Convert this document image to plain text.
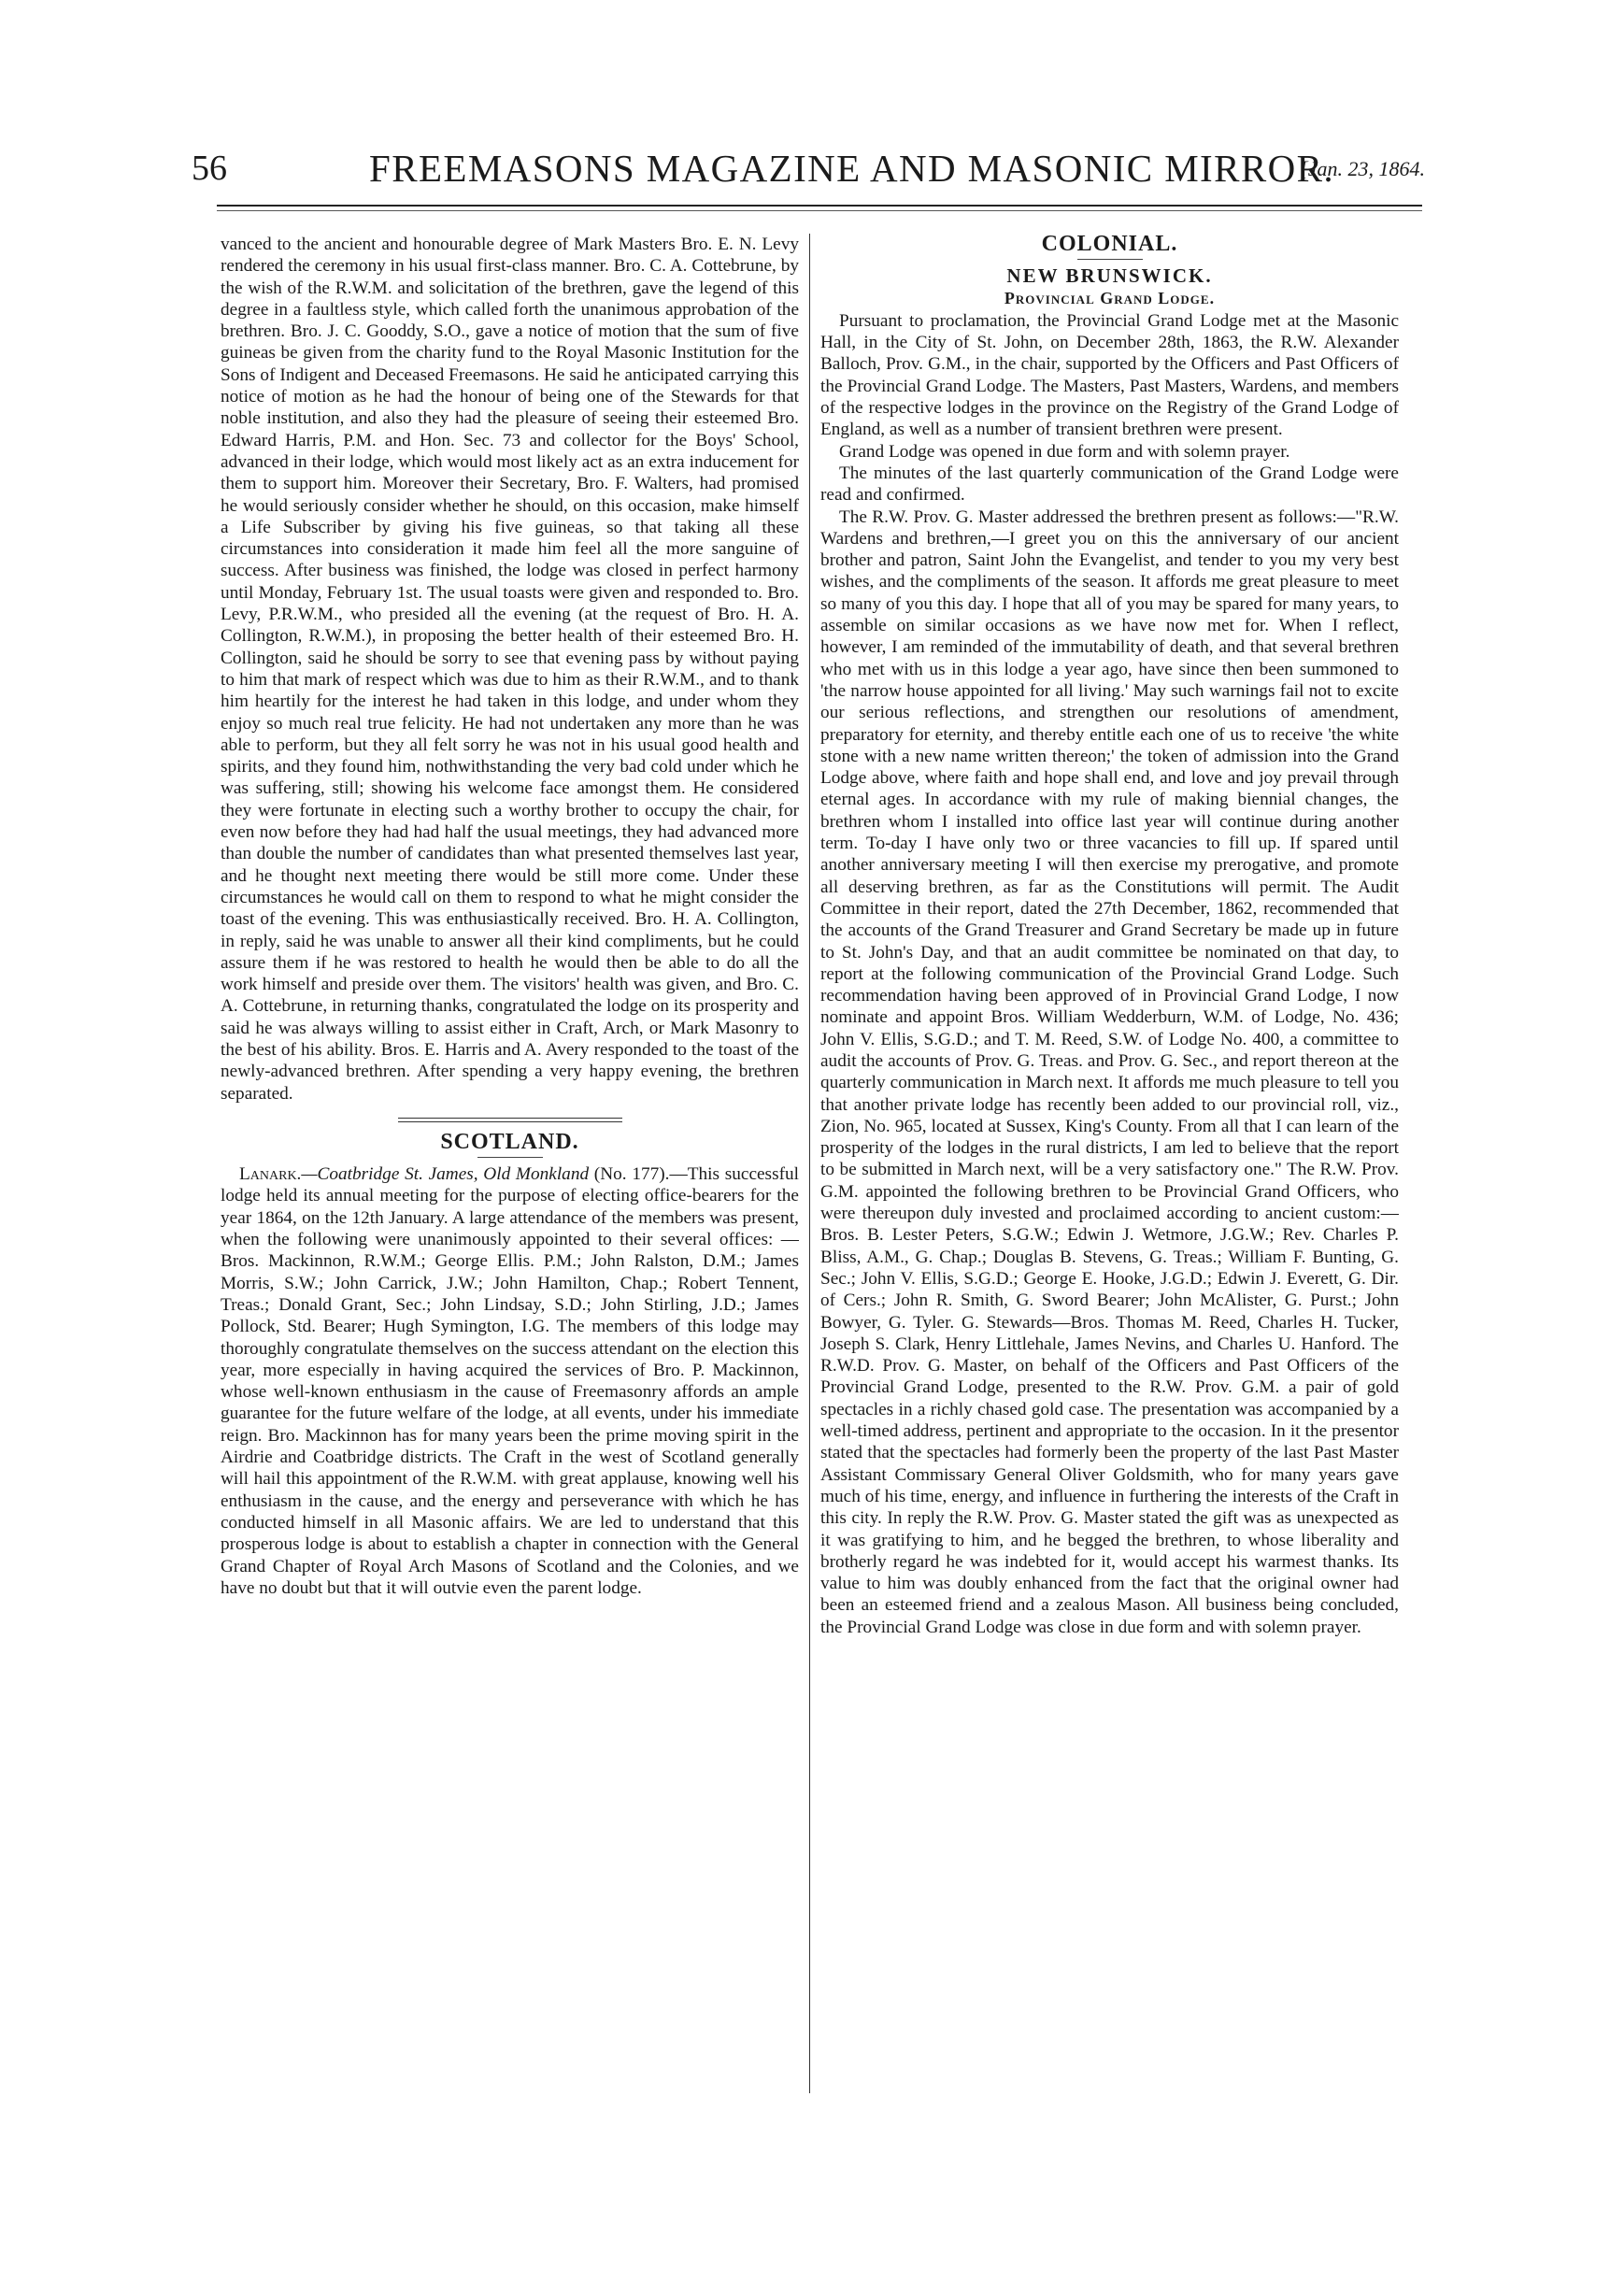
56	FREEMASONS MAGAZINE AND MASONIC MIRROR.
[Jan. 23, 1864.

vanced to the ancient and honourable degree of Mark Masters Bro. E. N. Levy rendered the ceremony in his usual first-class manner. Bro. C. A. Cottebrune, by the wish of the R.W.M. and solicitation of the brethren, gave the legend of this degree in a faultless style, which called forth the unanimous approbation of the brethren. Bro. J. C. Gooddy, S.O., gave a notice of motion that the sum of five guineas be given from the charity fund to the Royal Masonic Institution for the Sons of Indigent and Deceased Freemasons. He said he anticipated carrying this notice of motion as he had the honour of being one of the Stewards for that noble institution, and also they had the pleasure of seeing their esteemed Bro. Edward Harris, P.M. and Hon. Sec. 73 and collector for the Boys' School, advanced in their lodge, which would most likely act as an extra inducement for them to support him. Moreover their Secretary, Bro. F. Walters, had promised he would seriously consider whether he should, on this occasion, make himself a Life Subscriber by giving his five guineas, so that taking all these circumstances into consideration it made him feel all the more sanguine of success. After business was finished, the lodge was closed in perfect harmony until Monday, February 1st. The usual toasts were given and responded to. Bro. Levy, P.R.W.M., who presided all the evening (at the request of Bro. H. A. Collington, R.W.M.), in proposing the better health of their esteemed Bro. H. Collington, said he should be sorry to see that evening pass by without paying to him that mark of respect which was due to him as their R.W.M., and to thank him heartily for the interest he had taken in this lodge, and under whom they enjoy so much real true felicity. He had not undertaken any more than he was able to perform, but they all felt sorry he was not in his usual good health and spirits, and they found him, nothwithstanding the very bad cold under which he was suffering, still; showing his welcome face amongst them. He considered they were fortunate in electing such a worthy brother to occupy the chair, for even now before they had had half the usual meetings, they had advanced more than double the number of candidates than what presented themselves last year, and he thought next meeting there would be still more come. Under these circumstances he would call on them to respond to what he might consider the toast of the evening. This was enthusiastically received. Bro. H. A. Collington, in reply, said he was unable to answer all their kind compliments, but he could assure them if he was restored to health he would then be able to do all the work himself and preside over them. The visitors' health was given, and Bro. C. A. Cottebrune, in returning thanks, congratulated the lodge on its prosperity and said he was always willing to assist either in Craft, Arch, or Mark Masonry to the best of his ability. Bros. E. Harris and A. Avery responded to the toast of the newly-advanced brethren. After spending a very happy evening, the brethren separated.

SCOTLAND.

Lanark.—Coatbridge St. James, Old Monkland (No. 177).—This successful lodge held its annual meeting for the purpose of electing office-bearers for the year 1864, on the 12th January. A large attendance of the members was present, when the following were unanimously appointed to their several offices: —Bros. Mackinnon, R.W.M.; George Ellis. P.M.; John Ralston, D.M.; James Morris, S.W.; John Carrick, J.W.; John Hamilton, Chap.; Robert Tennent, Treas.; Donald Grant, Sec.; John Lindsay, S.D.; John Stirling, J.D.; James Pollock, Std. Bearer; Hugh Symington, I.G. The members of this lodge may thoroughly congratulate themselves on the success attendant on the election this year, more especially in having acquired the services of Bro. P. Mackinnon, whose well-known enthusiasm in the cause of Freemasonry affords an ample guarantee for the future welfare of the lodge, at all events, under his immediate reign. Bro. Mackinnon has for many years been the prime moving spirit in the Airdrie and Coatbridge districts. The Craft in the west of Scotland generally will hail this appointment of the R.W.M. with great applause, knowing well his enthusiasm in the cause, and the energy and perseverance with which he has conducted himself in all Masonic affairs. We are led to understand that this prosperous lodge is about to establish a chapter in connection with the General Grand Chapter of Royal Arch Masons of Scotland and the Colonies, and we have no doubt but that it will outvie even the parent lodge.

COLONIAL.
NEW BRUNSWICK.
Provincial Grand Lodge.

Pursuant to proclamation, the Provincial Grand Lodge met at the Masonic Hall, in the City of St. John, on December 28th, 1863, the R.W. Alexander Balloch, Prov. G.M., in the chair, supported by the Officers and Past Officers of the Provincial Grand Lodge. The Masters, Past Masters, Wardens, and members of the respective lodges in the province on the Registry of the Grand Lodge of England, as well as a number of transient brethren were present.

Grand Lodge was opened in due form and with solemn prayer.

The minutes of the last quarterly communication of the Grand Lodge were read and confirmed.

The R.W. Prov. G. Master addressed the brethren present as follows:—"R.W. Wardens and brethren,—I greet you on this the anniversary of our ancient brother and patron, Saint John the Evangelist, and tender to you my very best wishes, and the compliments of the season. It affords me great pleasure to meet so many of you this day. I hope that all of you may be spared for many years, to assemble on similar occasions as we have now met for. When I reflect, however, I am reminded of the immutability of death, and that several brethren who met with us in this lodge a year ago, have since then been summoned to 'the narrow house appointed for all living.' May such warnings fail not to excite our serious reflections, and strengthen our resolutions of amendment, preparatory for eternity, and thereby entitle each one of us to receive 'the white stone with a new name written thereon;' the token of admission into the Grand Lodge above, where faith and hope shall end, and love and joy prevail through eternal ages. In accordance with my rule of making biennial changes, the brethren whom I installed into office last year will continue during another term. To-day I have only two or three vacancies to fill up. If spared until another anniversary meeting I will then exercise my prerogative, and promote all deserving brethren, as far as the Constitutions will permit. The Audit Committee in their report, dated the 27th December, 1862, recommended that the accounts of the Grand Treasurer and Grand Secretary be made up in future to St. John's Day, and that an audit committee be nominated on that day, to report at the following communication of the Provincial Grand Lodge. Such recommendation having been approved of in Provincial Grand Lodge, I now nominate and appoint Bros. William Wedderburn, W.M. of Lodge, No. 436; John V. Ellis, S.G.D.; and T. M. Reed, S.W. of Lodge No. 400, a committee to audit the accounts of Prov. G. Treas. and Prov. G. Sec., and report thereon at the quarterly communication in March next. It affords me much pleasure to tell you that another private lodge has recently been added to our provincial roll, viz., Zion, No. 965, located at Sussex, King's County. From all that I can learn of the prosperity of the lodges in the rural districts, I am led to believe that the report to be submitted in March next, will be a very satisfactory one." The R.W. Prov. G.M. appointed the following brethren to be Provincial Grand Officers, who were thereupon duly invested and proclaimed according to ancient custom:—Bros. B. Lester Peters, S.G.W.; Edwin J. Wetmore, J.G.W.; Rev. Charles P. Bliss, A.M., G. Chap.; Douglas B. Stevens, G. Treas.; William F. Bunting, G. Sec.; John V. Ellis, S.G.D.; George E. Hooke, J.G.D.; Edwin J. Everett, G. Dir. of Cers.; John R. Smith, G. Sword Bearer; John McAlister, G. Purst.; John Bowyer, G. Tyler. G. Stewards—Bros. Thomas M. Reed, Charles H. Tucker, Joseph S. Clark, Henry Littlehale, James Nevins, and Charles U. Hanford. The R.W.D. Prov. G. Master, on behalf of the Officers and Past Officers of the Provincial Grand Lodge, presented to the R.W. Prov. G.M. a pair of gold spectacles in a richly chased gold case. The presentation was accompanied by a well-timed address, pertinent and appropriate to the occasion. In it the presentor stated that the spectacles had formerly been the property of the last Past Master Assistant Commissary General Oliver Goldsmith, who for many years gave much of his time, energy, and influence in furthering the interests of the Craft in this city. In reply the R.W. Prov. G. Master stated the gift was as unexpected as it was gratifying to him, and he begged the brethren, to whose liberality and brotherly regard he was indebted for it, would accept his warmest thanks. Its value to him was doubly enhanced from the fact that the original owner had been an esteemed friend and a zealous Mason. All business being concluded, the Provincial Grand Lodge was close in due form and with solemn prayer.
